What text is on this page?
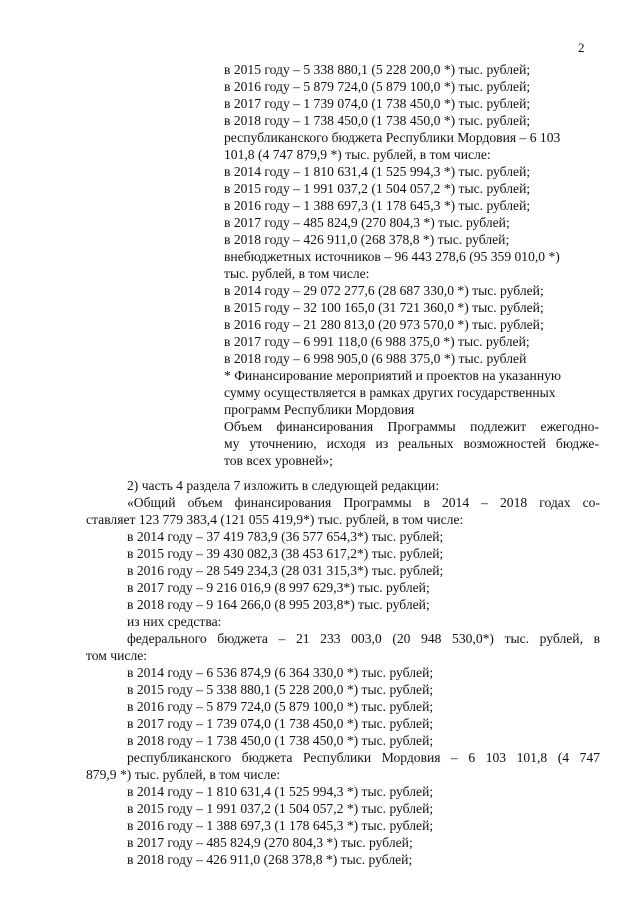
2
в 2015 году – 5 338 880,1 (5 228 200,0 *) тыс. рублей;
в 2016 году – 5 879 724,0 (5 879 100,0 *) тыс. рублей;
в 2017 году – 1 739 074,0 (1 738 450,0 *) тыс. рублей;
в 2018 году – 1 738 450,0 (1 738 450,0 *) тыс. рублей;
республиканского бюджета Республики Мордовия – 6 103
101,8 (4 747 879,9 *) тыс. рублей, в том числе:
в 2014 году – 1 810 631,4 (1 525 994,3 *) тыс. рублей;
в 2015 году – 1 991 037,2 (1 504 057,2 *) тыс. рублей;
в 2016 году – 1 388 697,3 (1 178 645,3 *) тыс. рублей;
в 2017 году – 485 824,9 (270 804,3 *) тыс. рублей;
в 2018 году – 426 911,0 (268 378,8 *) тыс. рублей;
внебюджетных источников – 96 443 278,6 (95 359 010,0 *)
тыс. рублей, в том числе:
в 2014 году – 29 072 277,6 (28 687 330,0 *) тыс. рублей;
в 2015 году – 32 100 165,0 (31 721 360,0 *) тыс. рублей;
в 2016 году – 21 280 813,0 (20 973 570,0 *) тыс. рублей;
в 2017 году – 6 991 118,0 (6 988 375,0 *) тыс. рублей;
в 2018 году – 6 998 905,0 (6 988 375,0 *) тыс. рублей
* Финансирование мероприятий и проектов на указанную
сумму осуществляется в рамках других государственных
программ Республики Мордовия
Объем финансирования Программы подлежит ежегодно-
му уточнению, исходя из реальных возможностей бюдже-
тов всех уровней»;
2) часть 4 раздела 7 изложить в следующей редакции:
«Общий объем финансирования Программы в 2014 – 2018 годах со-
ставляет 123 779 383,4 (121 055 419,9*) тыс. рублей, в том числе:
в 2014 году – 37 419 783,9 (36 577 654,3*) тыс. рублей;
в 2015 году – 39 430 082,3 (38 453 617,2*) тыс. рублей;
в 2016 году – 28 549 234,3 (28 031 315,3*) тыс. рублей;
в 2017 году – 9 216 016,9 (8 997 629,3*) тыс. рублей;
в 2018 году – 9 164 266,0 (8 995 203,8*) тыс. рублей;
из них средства:
федерального бюджета – 21 233 003,0 (20 948 530,0*) тыс. рублей, в
том числе:
в 2014 году – 6 536 874,9 (6 364 330,0 *) тыс. рублей;
в 2015 году – 5 338 880,1 (5 228 200,0 *) тыс. рублей;
в 2016 году – 5 879 724,0 (5 879 100,0 *) тыс. рублей;
в 2017 году – 1 739 074,0 (1 738 450,0 *) тыс. рублей;
в 2018 году – 1 738 450,0 (1 738 450,0 *) тыс. рублей;
республиканского бюджета Республики Мордовия – 6 103 101,8 (4 747
879,9 *) тыс. рублей, в том числе:
в 2014 году – 1 810 631,4 (1 525 994,3 *) тыс. рублей;
в 2015 году – 1 991 037,2 (1 504 057,2 *) тыс. рублей;
в 2016 году – 1 388 697,3 (1 178 645,3 *) тыс. рублей;
в 2017 году – 485 824,9 (270 804,3 *) тыс. рублей;
в 2018 году – 426 911,0 (268 378,8 *) тыс. рублей;
